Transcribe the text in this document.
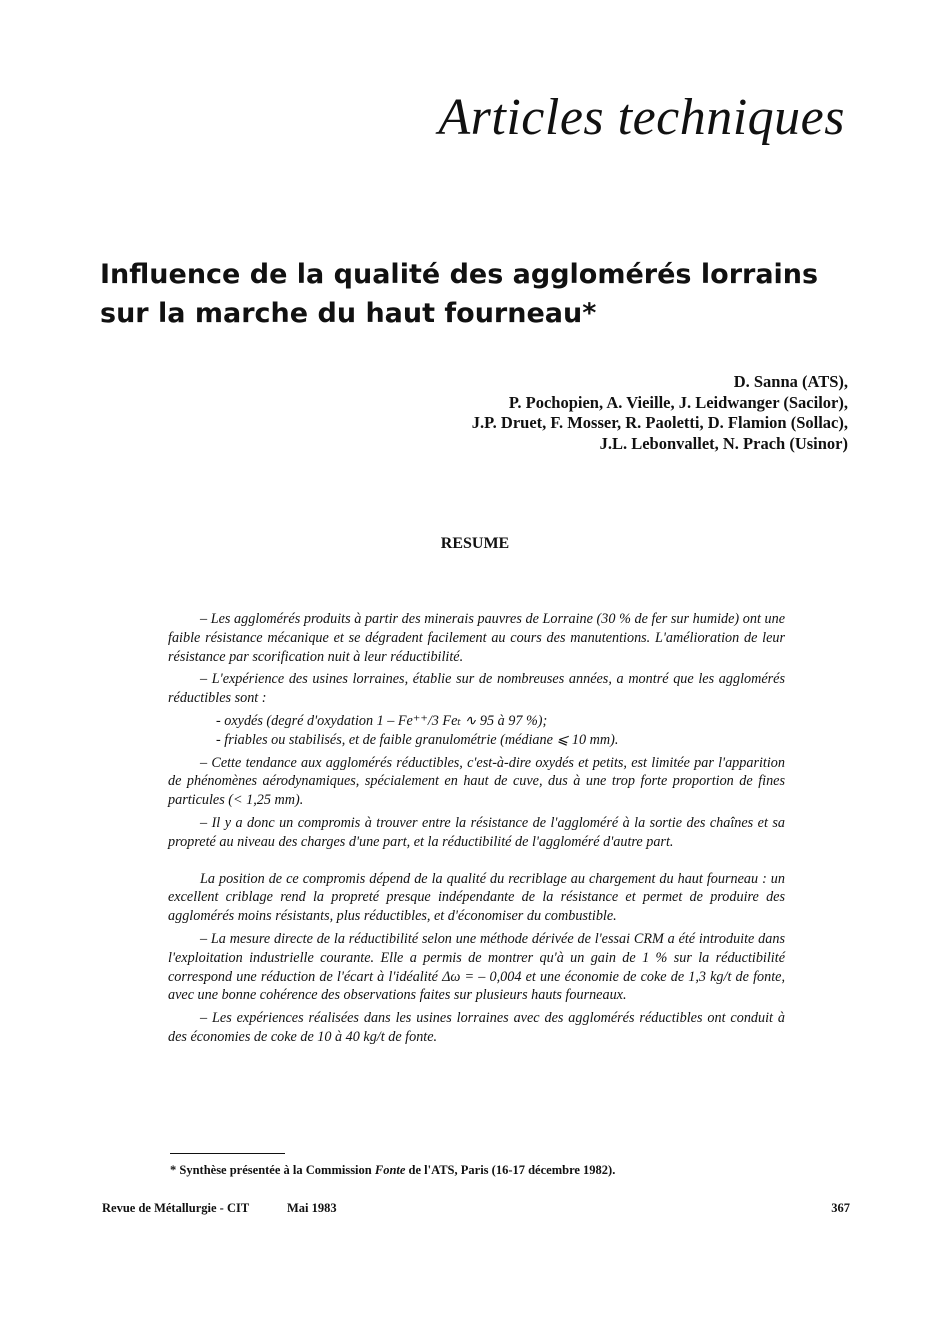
Articles techniques
Influence de la qualité des agglomérés lorrains
sur la marche du haut fourneau*
D. Sanna (ATS),
P. Pochopien, A. Vieille, J. Leidwanger (Sacilor),
J.P. Druet, F. Mosser, R. Paoletti, D. Flamion (Sollac),
J.L. Lebonvallet, N. Prach (Usinor)
RESUME

– Les agglomérés produits à partir des minerais pauvres de Lorraine (30 % de fer sur humide) ont une faible résistance mécanique et se dégradent facilement au cours des manutentions. L'amélioration de leur résistance par scorification nuit à leur réductibilité.

– L'expérience des usines lorraines, établie sur de nombreuses années, a montré que les agglomérés réductibles sont :

- oxydés (degré d'oxydation 1 – Fe⁺⁺/3 Feₜ ∿ 95 à 97 %);
- friables ou stabilisés, et de faible granulométrie (médiane ⩽ 10 mm).

– Cette tendance aux agglomérés réductibles, c'est-à-dire oxydés et petits, est limitée par l'apparition de phénomènes aérodynamiques, spécialement en haut de cuve, dus à une trop forte proportion de fines particules (< 1,25 mm).

– Il y a donc un compromis à trouver entre la résistance de l'aggloméré à la sortie des chaînes et sa propreté au niveau des charges d'une part, et la réductibilité de l'aggloméré d'autre part.

La position de ce compromis dépend de la qualité du recriblage au chargement du haut fourneau : un excellent criblage rend la propreté presque indépendante de la résistance et permet de produire des agglomérés moins résistants, plus réductibles, et d'économiser du combustible.

– La mesure directe de la réductibilité selon une méthode dérivée de l'essai CRM a été introduite dans l'exploitation industrielle courante. Elle a permis de montrer qu'à un gain de 1 % sur la réductibilité correspond une réduction de l'écart à l'idéalité Δω = – 0,004 et une économie de coke de 1,3 kg/t de fonte, avec une bonne cohérence des observations faites sur plusieurs hauts fourneaux.

– Les expériences réalisées dans les usines lorraines avec des agglomérés réductibles ont conduit à des économies de coke de 10 à 40 kg/t de fonte.

* Synthèse présentée à la Commission Fonte de l'ATS, Paris (16-17 décembre 1982).
Revue de Métallurgie - CIT	Mai 1983	367
